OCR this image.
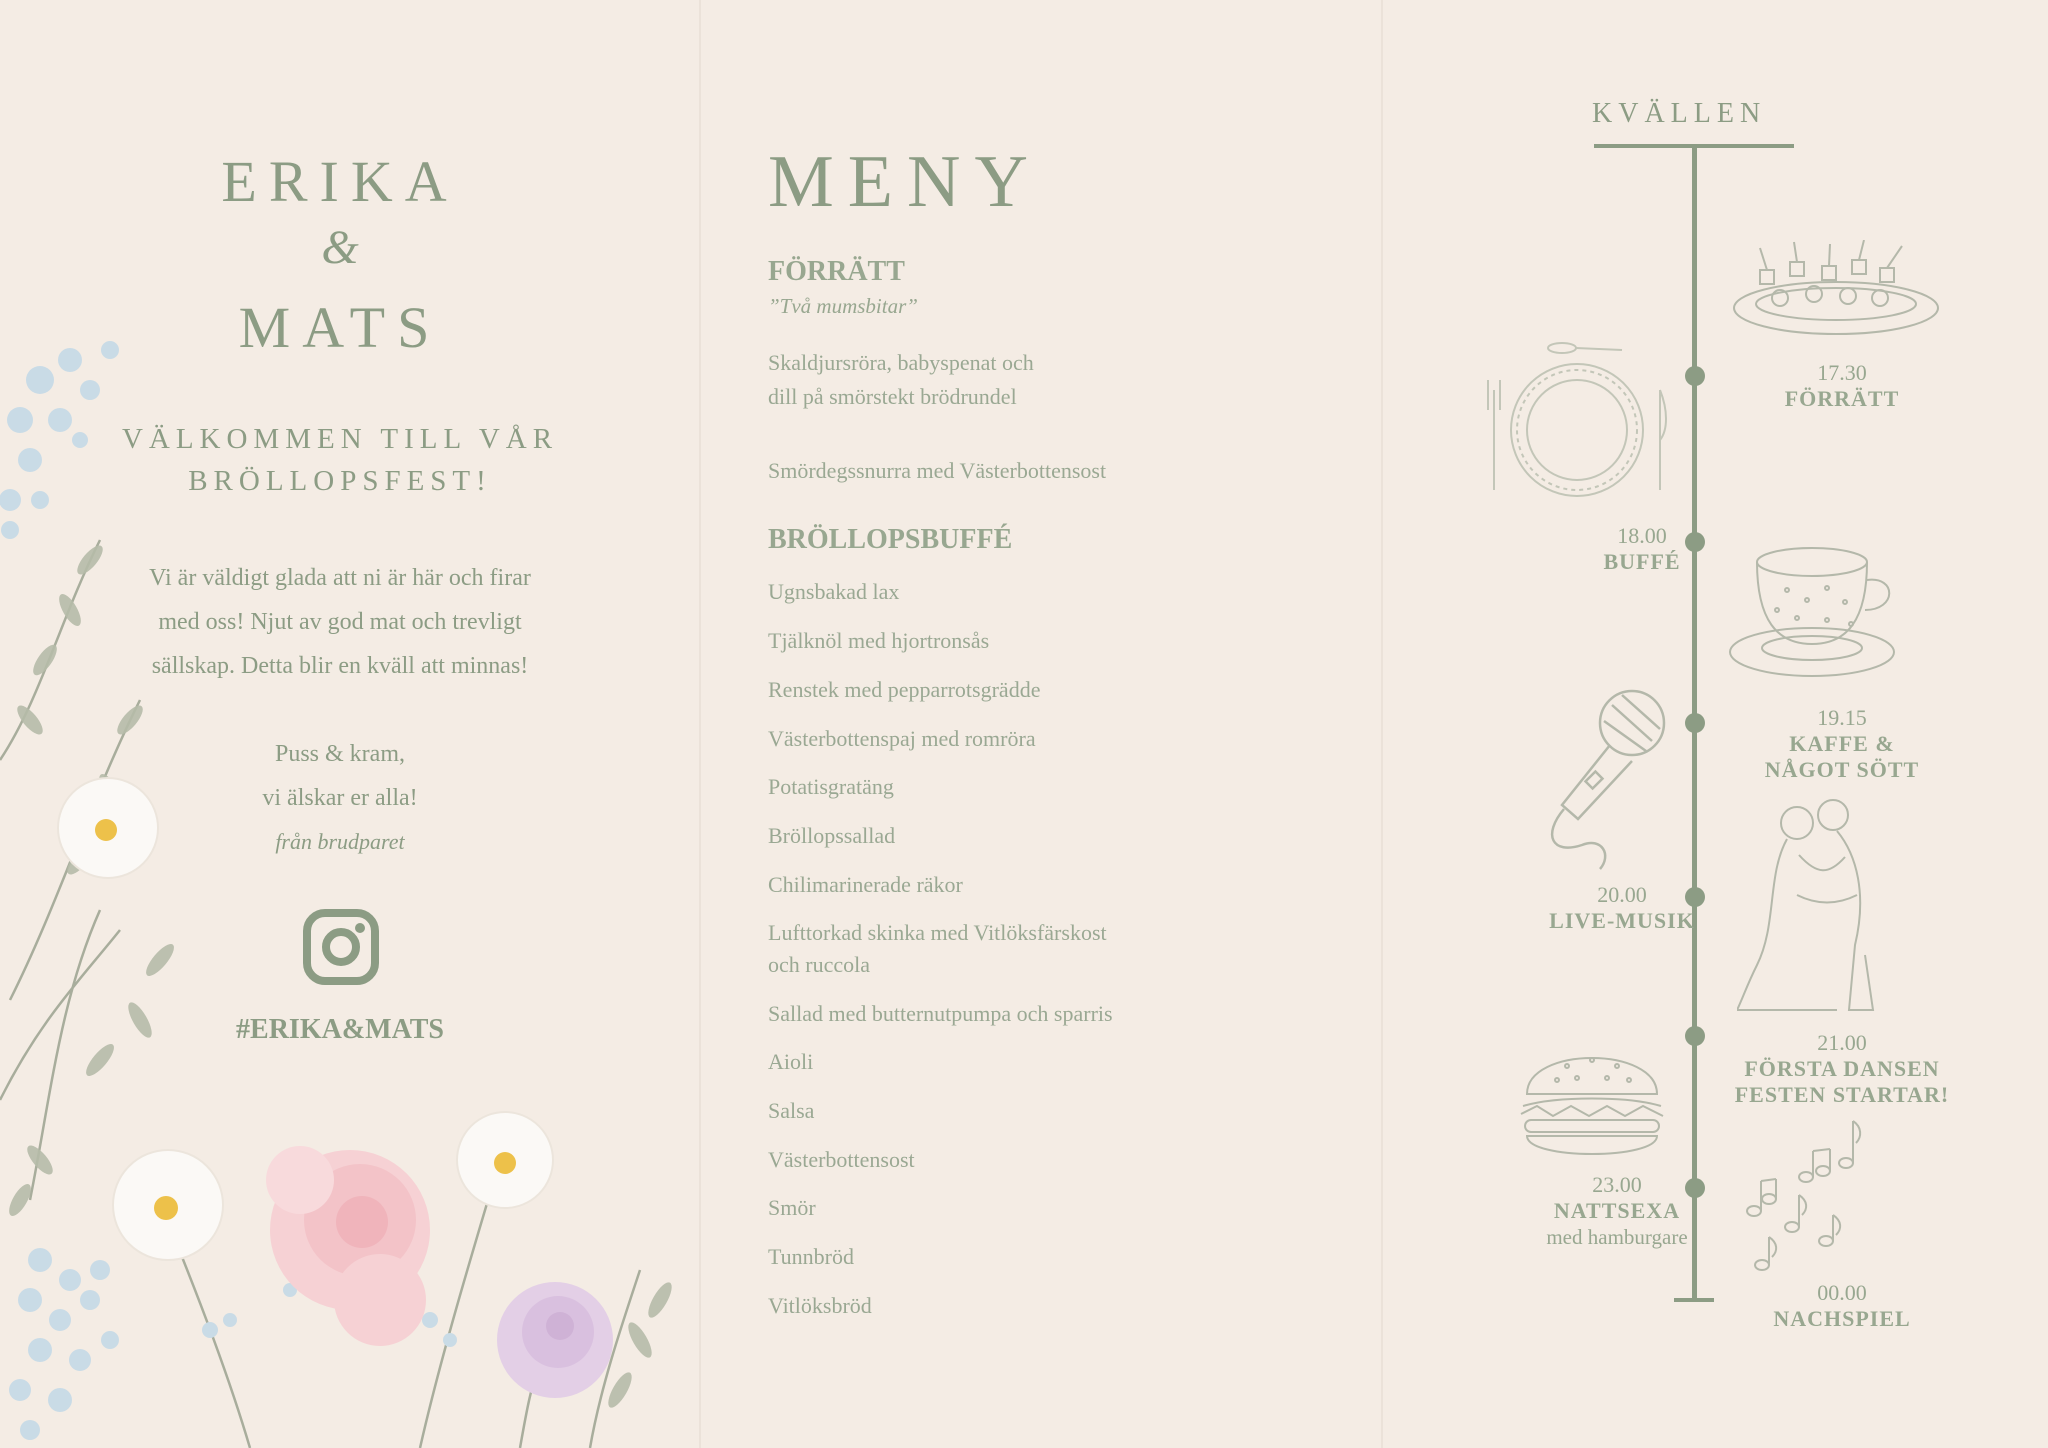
ERIKA
&
MATS
VÄLKOMMEN TILL VÅR
BRÖLLOPSFEST!
Vi är väldigt glada att ni är här och firar
med oss! Njut av god mat och trevligt
sällskap. Detta blir en kväll att minnas!
Puss & kram,
vi älskar er alla!
från brudparet
#ERIKA&MATS
MENY
FÖRRÄTT
”Två mumsbitar”
Skaldjursröra, babyspenat och
dill på smörstekt brödrundel
Smördegssnurra med Västerbottensost
BRÖLLOPSBUFFÉ
Ugnsbakad lax
Tjälknöl med hjortronsås
Renstek med pepparrotsgrädde
Västerbottenspaj med romröra
Potatisgratäng
Bröllopssallad
Chilimarinerade räkor
Lufttorkad skinka med Vitlöksfärskost
och ruccola
Sallad med butternutpumpa och sparris
Aioli
Salsa
Västerbottensost
Smör
Tunnbröd
Vitlöksbröd
KVÄLLEN
17.30
FÖRRÄTT
18.00
BUFFÉ
19.15
KAFFE &
NÅGOT SÖTT
20.00
LIVE-MUSIK
21.00
FÖRSTA DANSEN
FESTEN STARTAR!
23.00
NATTSEXA
med hamburgare
00.00
NACHSPIEL
